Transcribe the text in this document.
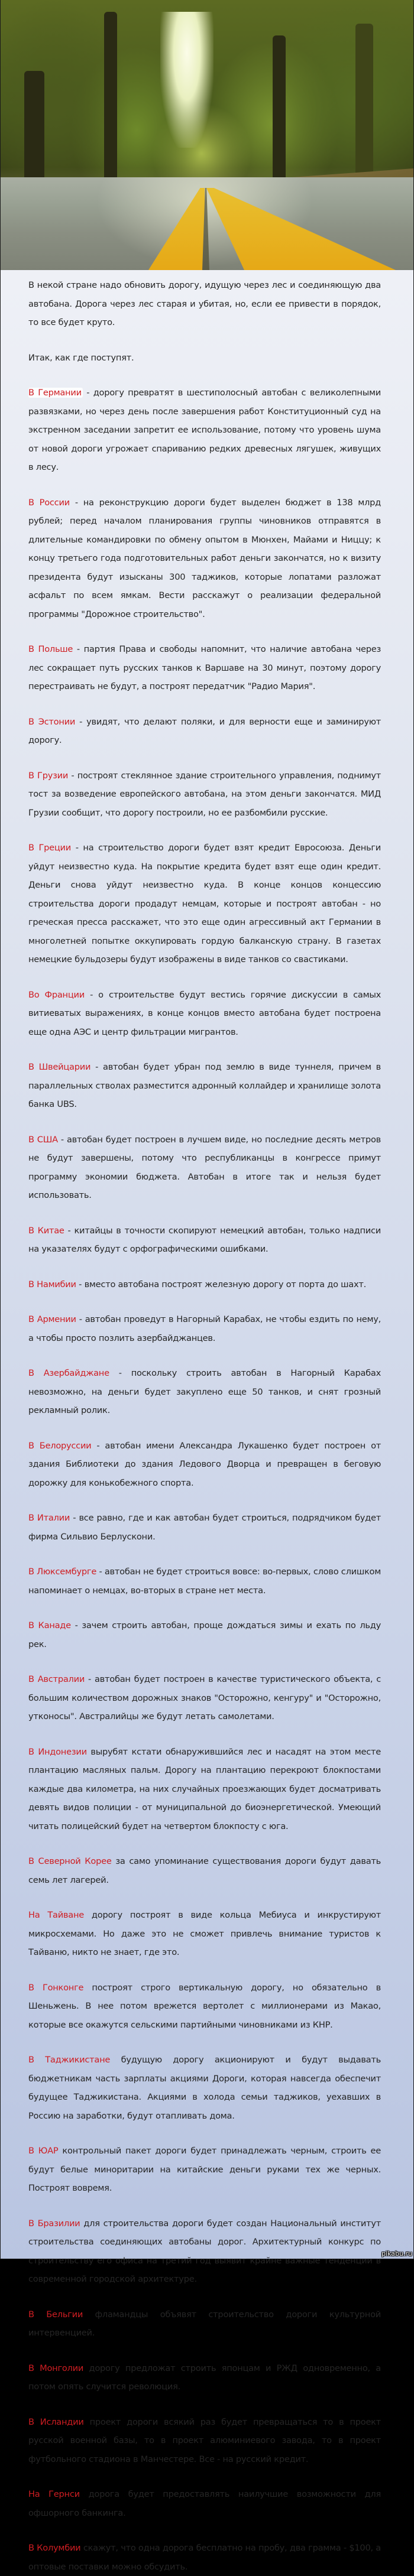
В некой стране надо обновить дорогу, идущую через лес и соединяющую два автобана. Дорога через лес старая и убитая, но, если ее привести в порядок, то все будет круто.

Итак, как где поступят.

В Германии - дорогу превратят в шестиполосный автобан с великолепными развязками, но через день после завершения работ Конституционный суд на экстренном заседании запретит ее использование, потому что уровень шума от новой дороги угрожает спариванию редких древесных лягушек, живущих в лесу.

В России - на реконструкцию дороги будет выделен бюджет в 138 млрд рублей; перед началом планирования группы чиновников отправятся в длительные командировки по обмену опытом в Мюнхен, Майами и Ниццу; к концу третьего года подготовительных работ деньги закончатся, но к визиту президента будут изысканы 300 таджиков, которые лопатами разложат асфальт по всем ямкам. Вести расскажут о реализации федеральной программы "Дорожное строительство".

В Польше - партия Права и свободы напомнит, что наличие автобана через лес сокращает путь русских танков к Варшаве на 30 минут, поэтому дорогу перестраивать не будут, а построят передатчик "Радио Мария".

В Эстонии - увидят, что делают поляки, и для верности еще и заминируют дорогу.

В Грузии - построят стеклянное здание строительного управления, поднимут тост за возведение европейского автобана, на этом деньги закончатся. МИД Грузии сообщит, что дорогу построили, но ее разбомбили русские.

В Греции - на строительство дороги будет взят кредит Евросоюза. Деньги уйдут неизвестно куда. На покрытие кредита будет взят еще один кредит. Деньги снова уйдут неизвестно куда. В конце концов концессию строительства дороги продадут немцам, которые и построят автобан - но греческая пресса расскажет, что это еще один агрессивный акт Германии в многолетней попытке оккупировать гордую балканскую страну. В газетах немецкие бульдозеры будут изображены в виде танков со свастиками.

Во Франции - о строительстве будут вестись горячие дискуссии в самых витиеватых выражениях, в конце концов вместо автобана будет построена еще одна АЭС и центр фильтрации мигрантов.

В Швейцарии - автобан будет убран под землю в виде туннеля, причем в параллельных стволах разместится адронный коллайдер и хранилище золота банка UBS.

В США - автобан будет построен в лучшем виде, но последние десять метров не будут завершены, потому что республиканцы в конгрессе примут программу экономии бюджета. Автобан в итоге так и нельзя будет использовать.

В Китае - китайцы в точности скопируют немецкий автобан, только надписи на указателях будут с орфографическими ошибками.

В Намибии - вместо автобана построят железную дорогу от порта до шахт.

В Армении - автобан проведут в Нагорный Карабах, не чтобы ездить по нему, а чтобы просто позлить азербайджанцев.

В Азербайджане - поскольку строить автобан в Нагорный Карабах невозможно, на деньги будет закуплено еще 50 танков, и снят грозный рекламный ролик.

В Белоруссии - автобан имени Александра Лукашенко будет построен от здания Библиотеки до здания Ледового Дворца и превращен в беговую дорожку для конькобежного спорта.

В Италии - все равно, где и как автобан будет строиться, подрядчиком будет фирма Сильвио Берлускони.

В Люксембурге - автобан не будет строиться вовсе: во-первых, слово слишком напоминает о немцах, во-вторых в стране нет места.

В Канаде - зачем строить автобан, проще дождаться зимы и ехать по льду рек.

В Австралии - автобан будет построен в качестве туристического объекта, с большим количеством дорожных знаков "Осторожно, кенгуру" и "Осторожно, утконосы". Австралийцы же будут летать самолетами.

В Индонезии вырубят кстати обнаружившийся лес и насадят на этом месте плантацию масляных пальм. Дорогу на плантацию перекроют блокпостами каждые два километра, на них случайных проезжающих будет досматривать девять видов полиции - от муниципальной до биоэнергетической. Умеющий читать полицейский будет на четвертом блокпосту с юга.

В Северной Корее за само упоминание существования дороги будут давать семь лет лагерей.

На Тайване дорогу построят в виде кольца Мебиуса и инкрустируют микросхемами. Но даже это не сможет привлечь внимание туристов к Тайваню, никто не знает, где это.

В Гонконге построят строго вертикальную дорогу, но обязательно в Шеньжень. В нее потом врежется вертолет с миллионерами из Макао, которые все окажутся сельскими партийными чиновниками из КНР.

В Таджикистане будущую дорогу акционируют и будут выдавать бюджетникам часть зарплаты акциями Дороги, которая навсегда обеспечит будущее Таджикистана. Акциями в холода семьи таджиков, уехавших в Россию на заработки, будут отапливать дома.

В ЮАР контрольный пакет дороги будет принадлежать черным, строить ее будут белые миноритарии на китайские деньги руками тех же черных. Построят вовремя.

В Бразилии для строительства дороги будет создан Национальный институт строительства соединяющих автобаны дорог. Архитектурный конкурс по строительству его офиса на третий год выявит крайне важные тенденции в современной городской архитектуре.

В Бельгии фламандцы объявят строительство дороги культурной интервенцией.

В Монголии дорогу предложат строить японцам и РЖД одновременно, а потом опять случится революция.

В Исландии проект дороги всякий раз будет превращаться то в проект русской военной базы, то в проект алюминиевого завода, то в проект футбольного стадиона в Манчестере. Все - на русский кредит.

На Гернси дорога будет предоставлять наилучшие возможности для офшорного банкинга.

В Колумбии скажут, что одна дорога бесплатно на пробу, два грамма - $100, а оптовые поставки можно обсудить.

pikabu.ru
